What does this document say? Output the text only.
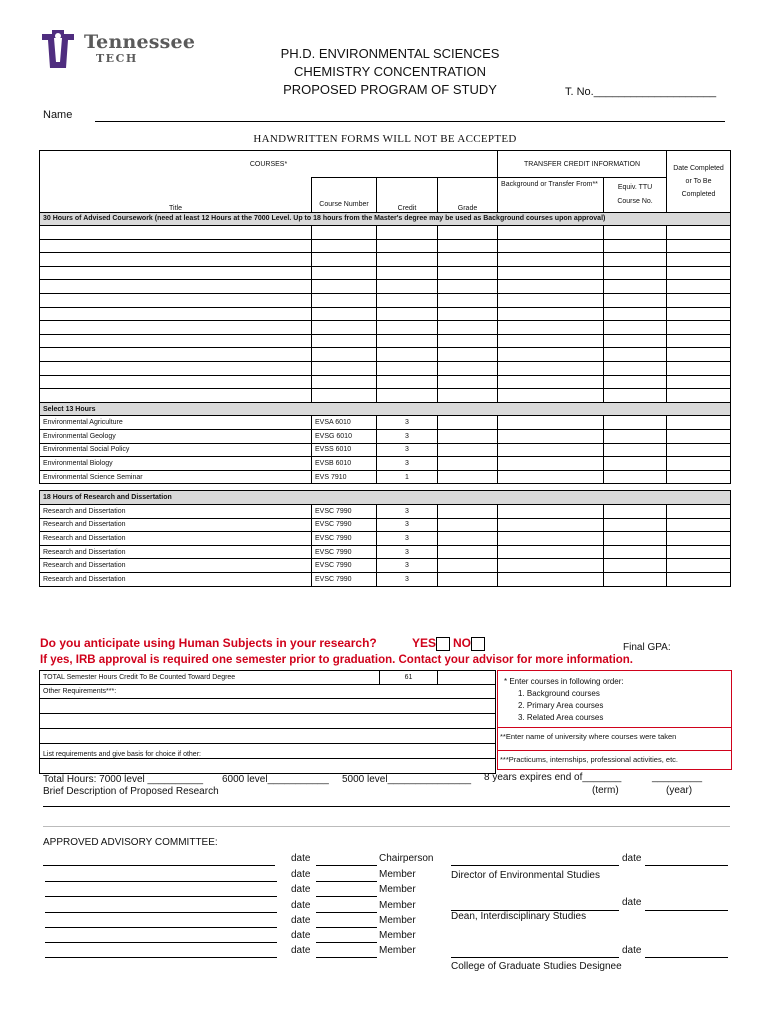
Tennessee
TECH	PH.D. ENVIRONMENTAL SCIENCES
CHEMISTRY CONCENTRATION
PROPOSED PROGRAM OF STUDY	T. No.____________________
Name
HANDWRITTEN FORMS WILL NOT BE ACCEPTED
COURSES*				TRANSFER CREDIT INFORMATION		Date Completed or To Be Completed
Title	Course Number	Credit	Grade	Background or Transfer From**	Equiv. TTU Course No.	
30 Hours of Advised Coursework (need at least 12 Hours at the 7000 Level. Up to 18 hours from the Master's degree may be used as Background courses upon approval)						

Select 13 Hours						
Environmental Agriculture	EVSA 6010	3				
Environmental Geology	EVSG 6010	3				
Environmental Social Policy	EVSS 6010	3				
Environmental Biology	EVSB 6010	3				
Environmental Science Seminar	EVS 7910	1				

18 Hours of Research and Dissertation						
Research and Dissertation	EVSC 7990	3				
Research and Dissertation	EVSC 7990	3				
Research and Dissertation	EVSC 7990	3				
Research and Dissertation	EVSC 7990	3				
Research and Dissertation	EVSC 7990	3				
Research and Dissertation	EVSC 7990	3				
Do you anticipate using Human Subjects in your research?	YES	NO	Final GPA:
If yes, IRB approval is required one semester prior to graduation. Contact your advisor for more information.
TOTAL Semester Hours Credit To Be Counted Toward Degree	61	
Other Requirements***:

List requirements and give basis for choice if other:

* Enter courses in following order:
1. Background courses
2. Primary Area courses
3. Related Area courses
**Enter name of university where courses were taken
***Practicums, internships, professional activities, etc.
Total Hours: 7000 level __________ 6000 level___________ 5000 level_______________ 8 years expires end of_______	_________
(term)	(year)
Brief Description of Proposed Research
APPROVED ADVISORY COMMITTEE:
date	Chairperson
date	Member
date	Member
date	Member
date	Member
date	Member
date	Member
date
Director of Environmental Studies
date
Dean, Interdisciplinary Studies
date
College of Graduate Studies Designee
